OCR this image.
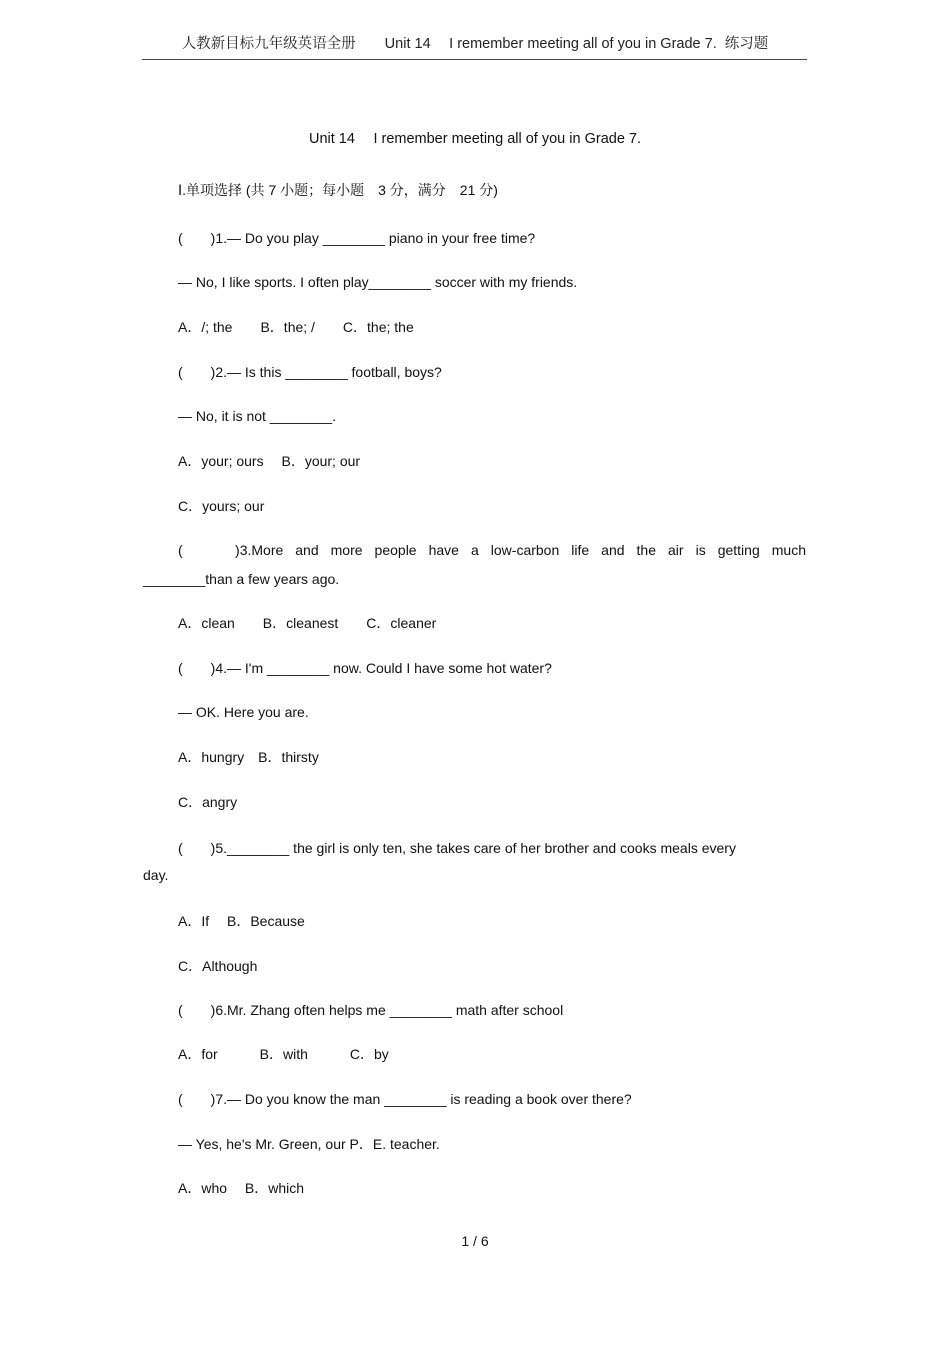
人教新目标九年级英语全册　　Unit 14　 I remember meeting all of you in Grade 7.  练习题
Unit 14　 I remember meeting all of you in Grade 7.
Ⅰ.单项选择 (共 7 小题；每小题　3 分，满分　21 分)
(　　)1.— Do you play ________ piano in your free time?
— No, I like sports. I often play________ soccer with my friends.
A．/; the　　B．the; /　　C．the; the
(　　)2.— Is this ________ football, boys?
— No, it is not ________.
A．your; ours　 B．your; our
C．yours; our
(　　)3.More and more people have a low-carbon life and the air is getting much
________than a few years ago.
A．clean　　B．cleanest　　C．cleaner
(　　)4.— I'm ________ now. Could I have some hot water?
— OK. Here you are.
A．hungry　B．thirsty
C．angry
(　　)5.________ the girl is only ten, she takes care of her brother and cooks meals every
day.
A．If　 B．Because
C．Although
(　　)6.Mr. Zhang often helps me ________ math after school
A．for　　　B．with　　　C．by
(　　)7.— Do you know the man ________ is reading a book over there?
— Yes, he's Mr. Green, our P．E. teacher.
A．who　 B．which
1 / 6
